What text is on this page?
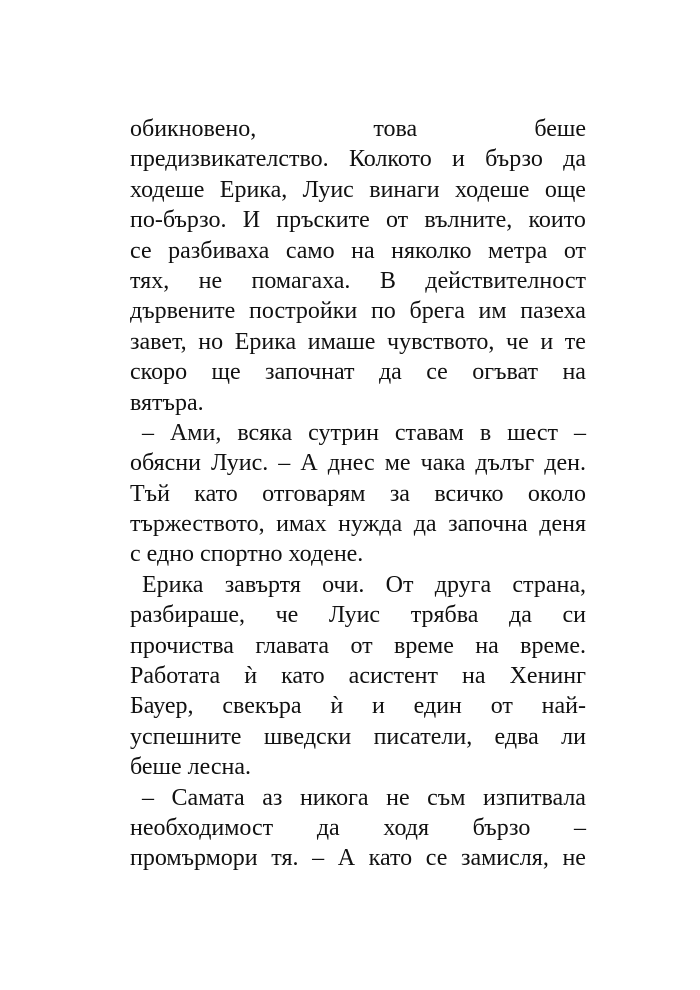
обикновено,	това	беше
предизвикателство. Колкото и бързо да
ходеше Ерика, Луис винаги ходеше още
по-бързо. И пръските от вълните, които
се разбиваха само на няколко метра от
тях, не помагаха. В действителност
дървените постройки по брега им пазеха
завет, но Ерика имаше чувството, че и те
скоро ще започнат да се огъват на
вятъра.
– Ами, всяка сутрин ставам в шест –
обясни Луис. – А днес ме чака дълъг ден.
Тъй като отговарям за всичко около
тържеството, имах нужда да започна деня
с едно спортно ходене.
Ерика завъртя очи. От друга страна,
разбираше, че Луис трябва да си
прочиства главата от време на време.
Работата ѝ като асистент на Хенинг
Бауер, свекъра ѝ и един от най-
успешните шведски писатели, едва ли
беше лесна.
– Самата аз никога не съм изпитвала
необходимост да ходя бързо –
промърмори тя. – А като се замисля, не
